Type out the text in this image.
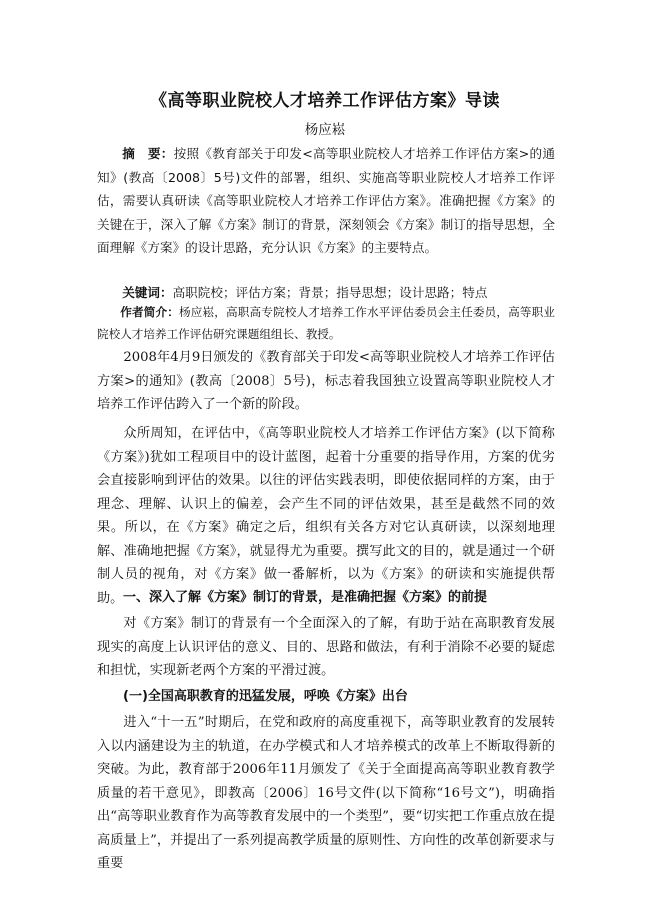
《高等职业院校人才培养工作评估方案》导读
杨应崧

摘　要：按照《教育部关于印发<高等职业院校人才培养工作评估方案>的通知》(教高〔2008〕5号)文件的部署，组织、实施高等职业院校人才培养工作评估，需要认真研读《高等职业院校人才培养工作评估方案》。准确把握《方案》的关键在于，深入了解《方案》制订的背景，深刻领会《方案》制订的指导思想，全面理解《方案》的设计思路，充分认识《方案》的主要特点。

关键词：高职院校；评估方案；背景；指导思想；设计思路；特点

作者简介：杨应崧，高职高专院校人才培养工作水平评估委员会主任委员，高等职业院校人才培养工作评估研究课题组组长、教授。

2008年4月9日颁发的《教育部关于印发<高等职业院校人才培养工作评估方案>的通知》(教高〔2008〕5号)，标志着我国独立设置高等职业院校人才培养工作评估跨入了一个新的阶段。

众所周知，在评估中，《高等职业院校人才培养工作评估方案》(以下简称《方案》)犹如工程项目中的设计蓝图，起着十分重要的指导作用，方案的优劣会直接影响到评估的效果。以往的评估实践表明，即使依据同样的方案，由于理念、理解、认识上的偏差，会产生不同的评估效果，甚至是截然不同的效果。所以，在《方案》确定之后，组织有关各方对它认真研读，以深刻地理解、准确地把握《方案》，就显得尤为重要。撰写此文的目的，就是通过一个研制人员的视角，对《方案》做一番解析，以为《方案》的研读和实施提供帮助。 一、深入了解《方案》制订的背景，是准确把握《方案》的前提

对《方案》制订的背景有一个全面深入的了解，有助于站在高职教育发展现实的高度上认识评估的意义、目的、思路和做法，有利于消除不必要的疑虑和担忧，实现新老两个方案的平滑过渡。

(一)全国高职教育的迅猛发展，呼唤《方案》出台

进入“十一五”时期后，在党和政府的高度重视下，高等职业教育的发展转入以内涵建设为主的轨道，在办学模式和人才培养模式的改革上不断取得新的突破。为此，教育部于2006年11月颁发了《关于全面提高高等职业教育教学质量的若干意见》，即教高〔2006〕16号文件(以下简称“16号文”)，明确指出“高等职业教育作为高等教育发展中的一个类型”，要“切实把工作重点放在提高质量上”，并提出了一系列提高教学质量的原则性、方向性的改革创新要求与重要
